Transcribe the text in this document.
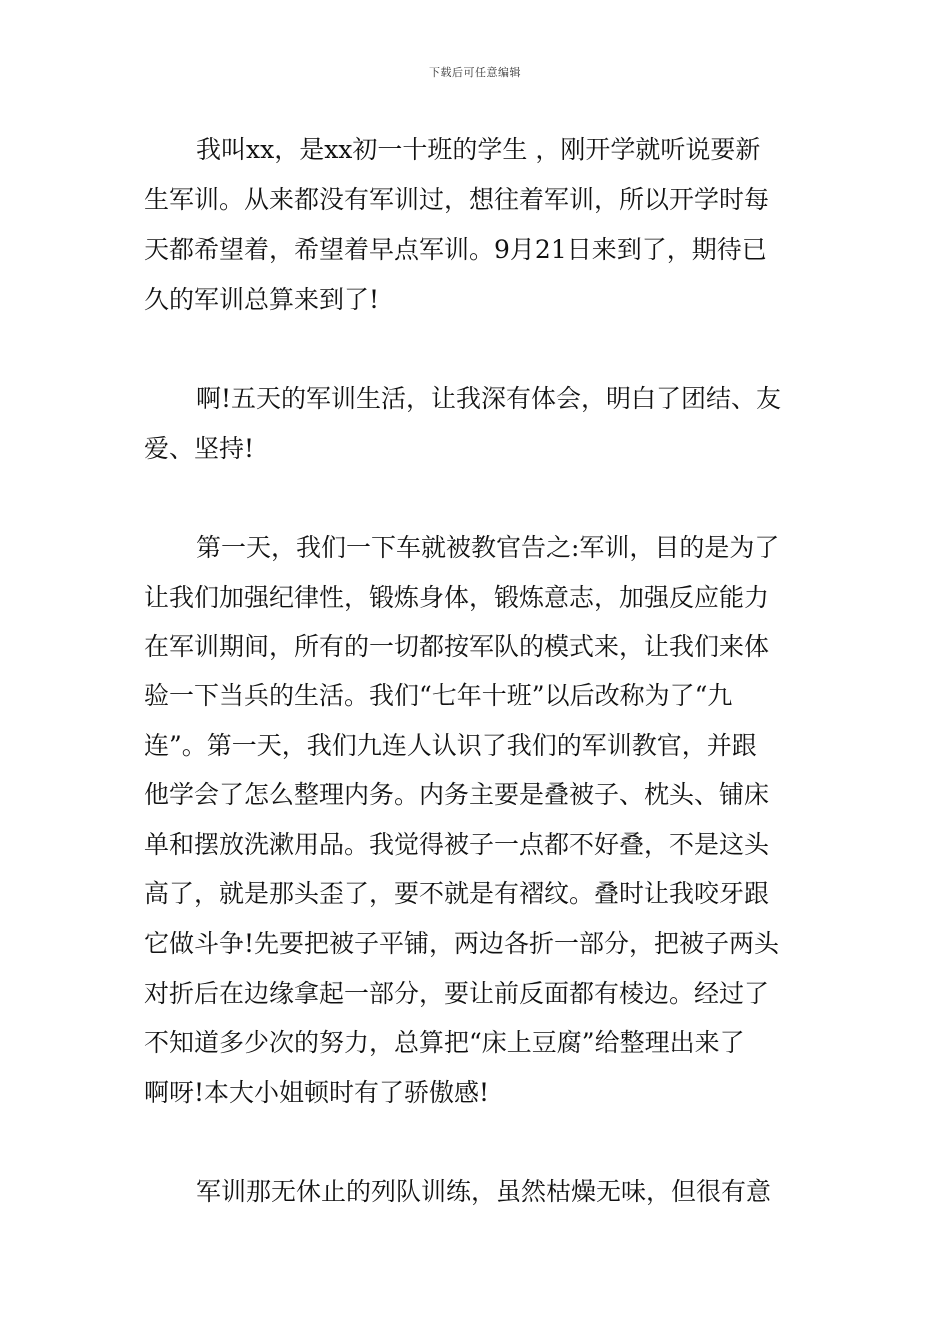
下载后可任意编辑
我叫xx，是xx初一十班的学生 ，刚开学就听说要新
生军训。从来都没有军训过，想往着军训，所以开学时每
天都希望着，希望着早点军训。9月21日来到了，期待已
久的军训总算来到了!
啊!五天的军训生活，让我深有体会，明白了团结、友
爱、坚持!
第一天，我们一下车就被教官告之:军训，目的是为了
让我们加强纪律性，锻炼身体，锻炼意志，加强反应能力
在军训期间，所有的一切都按军队的模式来，让我们来体
验一下当兵的生活。我们“七年十班”以后改称为了“九
连”。第一天，我们九连人认识了我们的军训教官，并跟
他学会了怎么整理内务。内务主要是叠被子、枕头、铺床
单和摆放洗漱用品。我觉得被子一点都不好叠，不是这头
高了，就是那头歪了，要不就是有褶纹。叠时让我咬牙跟
它做斗争!先要把被子平铺，两边各折一部分，把被子两头
对折后在边缘拿起一部分，要让前反面都有棱边。经过了
不知道多少次的努力，总算把“床上豆腐”给整理出来了
啊呀!本大小姐顿时有了骄傲感!
军训那无休止的列队训练，虽然枯燥无味，但很有意
